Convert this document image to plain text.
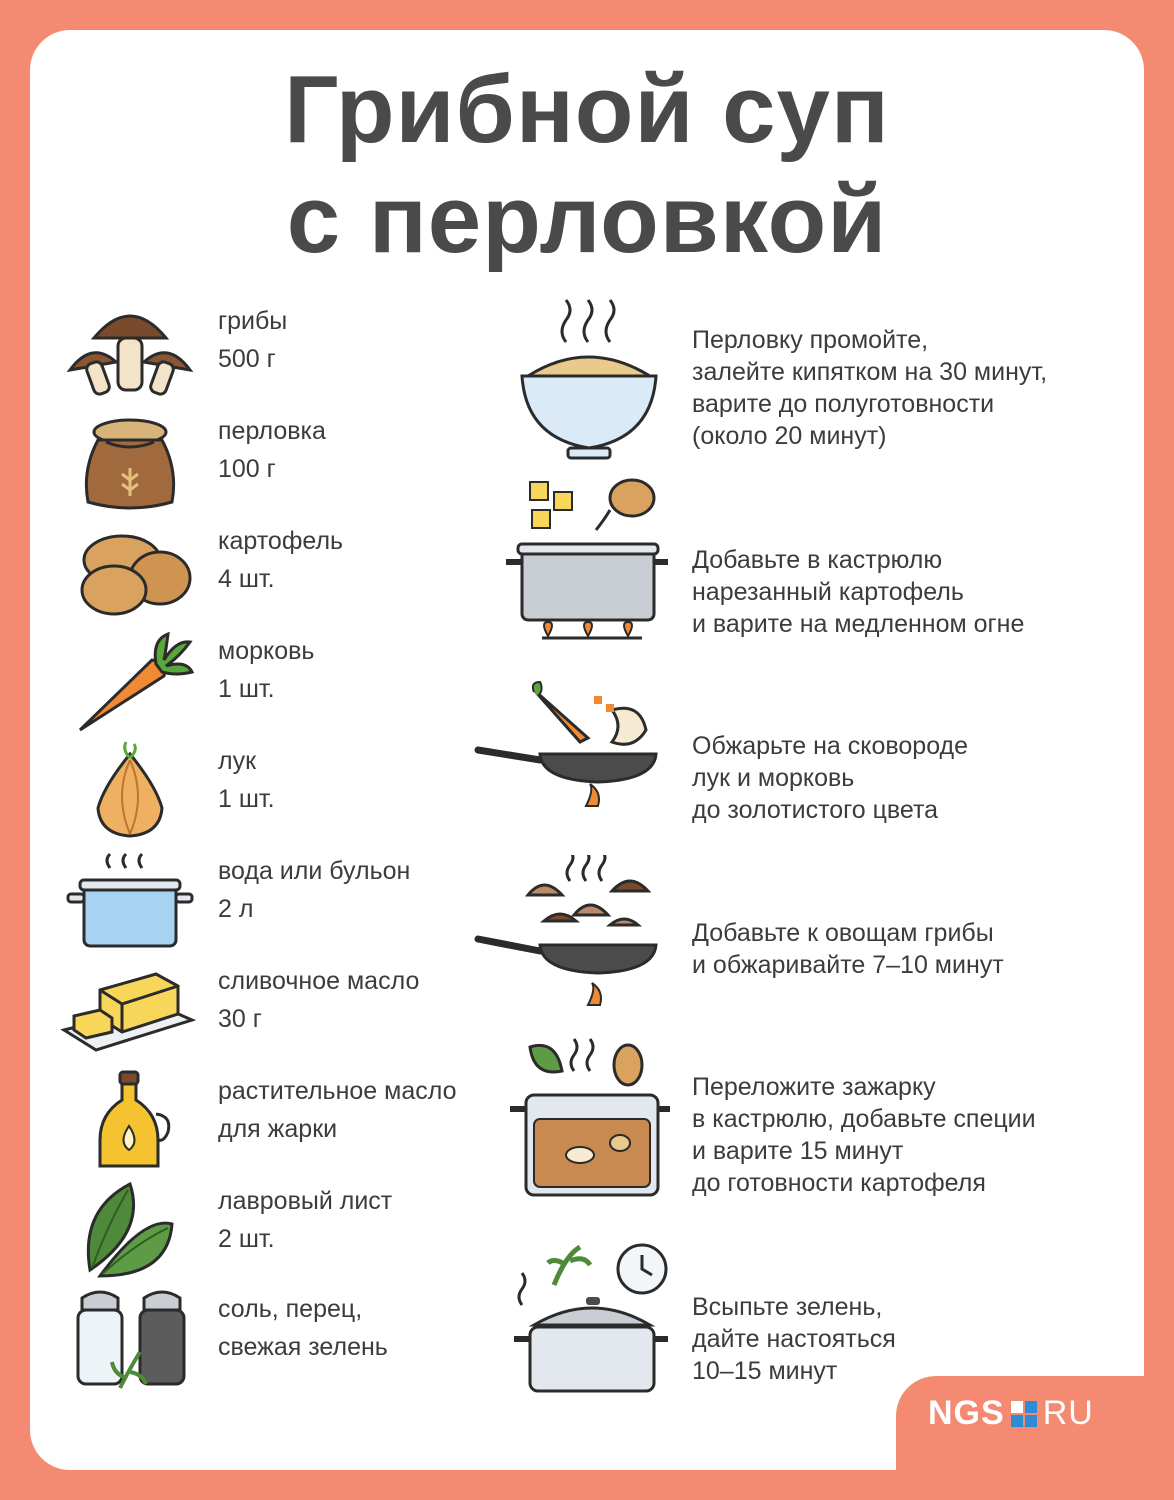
Грибной суп
с перловкой
грибы
500 г
перловка
100 г
картофель
4 шт.
морковь
1 шт.
лук
1 шт.
вода или бульон
2 л
сливочное масло
30 г
растительное масло
для жарки
лавровый лист
2 шт.
соль, перец,
свежая зелень
Перловку промойте,
залейте кипятком на 30 минут,
варите до полуготовности
(около 20 минут)
Добавьте в кастрюлю
нарезанный картофель
и варите на медленном огне
Обжарьте на сковороде
лук и морковь
до золотистого цвета
Добавьте к овощам грибы
и обжаривайте 7–10 минут
Переложите зажарку
в кастрюлю, добавьте специи
и варите 15 минут
до готовности картофеля
Всыпьте зелень,
дайте настояться
10–15 минут
NGS RU
